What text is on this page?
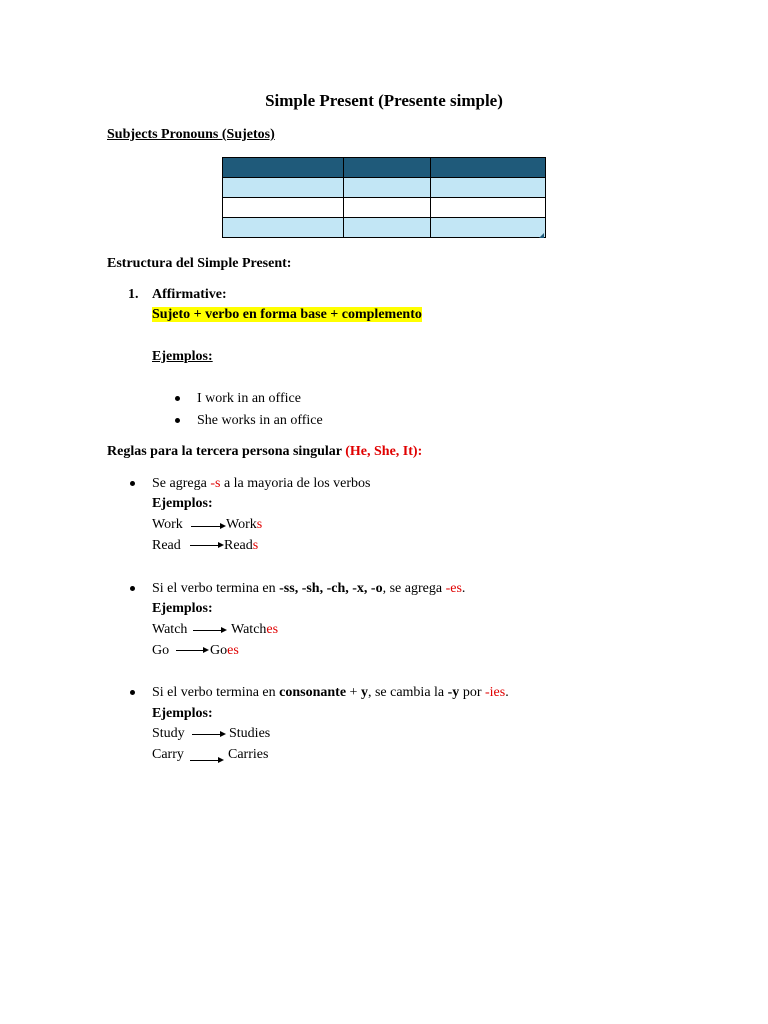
Simple Present (Presente simple)
Subjects Pronouns (Sujetos)

Estructura del Simple Present:
1. Affirmative:
Sujeto + verbo en forma base + complemento
Ejemplos:
I work in an office
She works in an office
Reglas para la tercera persona singular (He, She, It):
Se agrega -s a la mayoria de los verbos
Ejemplos:
Work	Works
Read	Reads
Si el verbo termina en -ss, -sh, -ch, -x, -o, se agrega -es.
Ejemplos:
Watch	Watches
Go	Goes
Si el verbo termina en consonante + y, se cambia la -y por -ies.
Ejemplos:
Study	Studies
Carry	Carries
